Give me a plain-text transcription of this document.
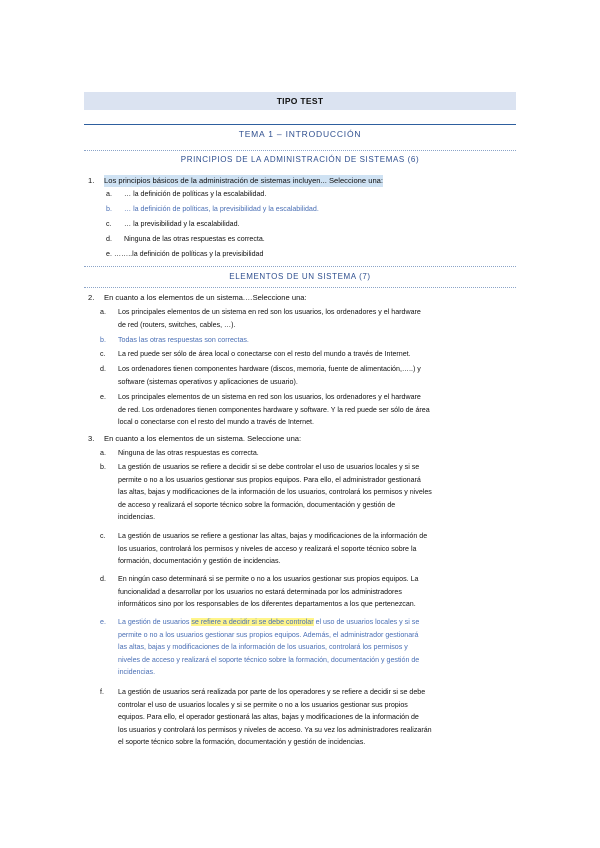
TIPO TEST
TEMA 1 – INTRODUCCIÓN
PRINCIPIOS DE LA ADMINISTRACIÓN DE SISTEMAS (6)
1. Los principios básicos de la administración de sistemas incluyen... Seleccione una:
a. … la definición de políticas y la escalabilidad.
b. … la definición de políticas, la previsibilidad y la escalabilidad.
c. … la previsibilidad y la escalabilidad.
d. Ninguna de las otras respuestas es correcta.
e. ……..la definición de políticas y la previsibilidad
ELEMENTOS DE UN SISTEMA (7)
2. En cuanto a los elementos de un sistema.…Seleccione una:
a. Los principales elementos de un sistema en red son los usuarios, los ordenadores y el hardware
de red (routers, switches, cables, …).
b. Todas las otras respuestas son correctas.
c. La red puede ser sólo de área local o conectarse con el resto del mundo a través de Internet.
d. Los ordenadores tienen componentes hardware (discos, memoria, fuente de alimentación,…..) y
software (sistemas operativos y aplicaciones de usuario).
e. Los principales elementos de un sistema en red son los usuarios, los ordenadores y el hardware
de red. Los ordenadores tienen componentes hardware y software. Y la red puede ser sólo de área
local o conectarse con el resto del mundo a través de Internet.
3. En cuanto a los elementos de un sistema. Seleccione una:
a. Ninguna de las otras respuestas es correcta.
b. La gestión de usuarios se refiere a decidir si se debe controlar el uso de usuarios locales y si se
permite o no a los usuarios gestionar sus propios equipos. Para ello, el administrador gestionará
las altas, bajas y modificaciones de la información de los usuarios, controlará los permisos y niveles
de acceso y realizará el soporte técnico sobre la formación, documentación y gestión de
incidencias.
c. La gestión de usuarios se refiere a gestionar las altas, bajas y modificaciones de la información de
los usuarios, controlará los permisos y niveles de acceso y realizará el soporte técnico sobre la
formación, documentación y gestión de incidencias.
d. En ningún caso determinará si se permite o no a los usuarios gestionar sus propios equipos. La
funcionalidad a desarrollar por los usuarios no estará determinada por los administradores
informáticos sino por los responsables de los diferentes departamentos a los que pertenezcan.
e. La gestión de usuarios se refiere a decidir si se debe controlar el uso de usuarios locales y si se
permite o no a los usuarios gestionar sus propios equipos. Además, el administrador gestionará
las altas, bajas y modificaciones de la información de los usuarios, controlará los permisos y
niveles de acceso y realizará el soporte técnico sobre la formación, documentación y gestión de
incidencias.
f. La gestión de usuarios será realizada por parte de los operadores y se refiere a decidir si se debe
controlar el uso de usuarios locales y si se permite o no a los usuarios gestionar sus propios
equipos. Para ello, el operador gestionará las altas, bajas y modificaciones de la información de
los usuarios y controlará los permisos y niveles de acceso. Ya su vez los administradores realizarán
el soporte técnico sobre la formación, documentación y gestión de incidencias.
